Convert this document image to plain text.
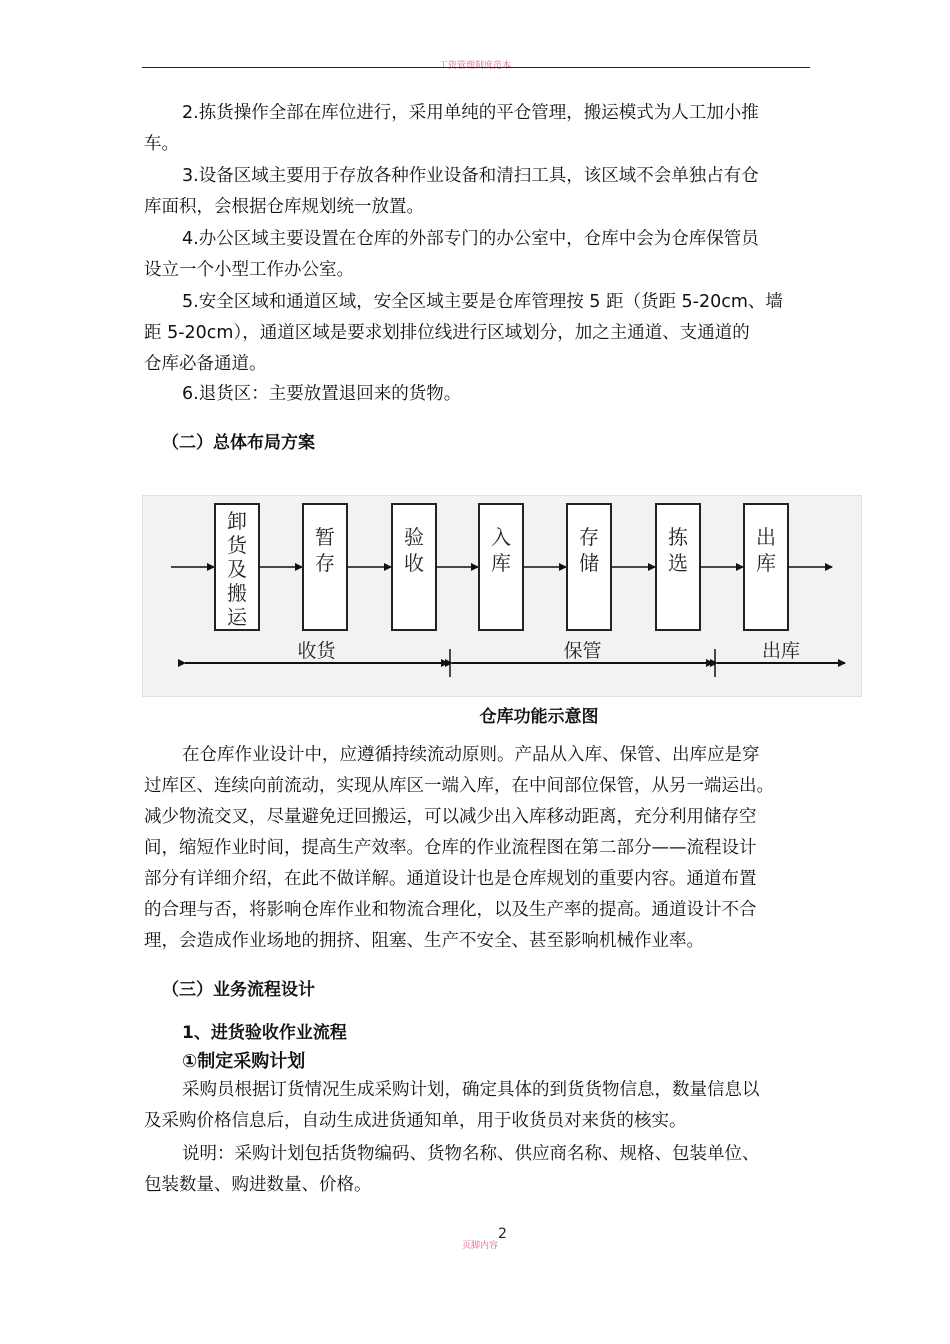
工资管理制度范本

2.拣货操作全部在库位进行，采用单纯的平仓管理，搬运模式为人工加小推
车。

3.设备区域主要用于存放各种作业设备和清扫工具，该区域不会单独占有仓
库面积，会根据仓库规划统一放置。

4.办公区域主要设置在仓库的外部专门的办公室中，仓库中会为仓库保管员
设立一个小型工作办公室。

5.安全区域和通道区域，安全区域主要是仓库管理按 5 距（货距 5-20cm、墙
距 5-20cm），通道区域是要求划排位线进行区域划分，加之主通道、支通道的
仓库必备通道。

6.退货区：主要放置退回来的货物。

（二）总体布局方案
卸
货
及
搬
运
暂
存
验
收
入
库
存
储
拣
选
出
库
收货	保管	出库
仓库功能示意图

在仓库作业设计中，应遵循持续流动原则。产品从入库、保管、出库应是穿
过库区、连续向前流动，实现从库区一端入库，在中间部位保管，从另一端运出。
减少物流交叉，尽量避免迂回搬运，可以减少出入库移动距离，充分利用储存空
间，缩短作业时间，提高生产效率。仓库的作业流程图在第二部分——流程设计
部分有详细介绍，在此不做详解。通道设计也是仓库规划的重要内容。通道布置
的合理与否，将影响仓库作业和物流合理化，以及生产率的提高。通道设计不合
理，会造成作业场地的拥挤、阻塞、生产不安全、甚至影响机械作业率。

（三）业务流程设计
1、进货验收作业流程
①制定采购计划

采购员根据订货情况生成采购计划，确定具体的到货货物信息，数量信息以
及采购价格信息后，自动生成进货通知单，用于收货员对来货的核实。

说明：采购计划包括货物编码、货物名称、供应商名称、规格、包装单位、
包装数量、购进数量、价格。

2
页脚内容
